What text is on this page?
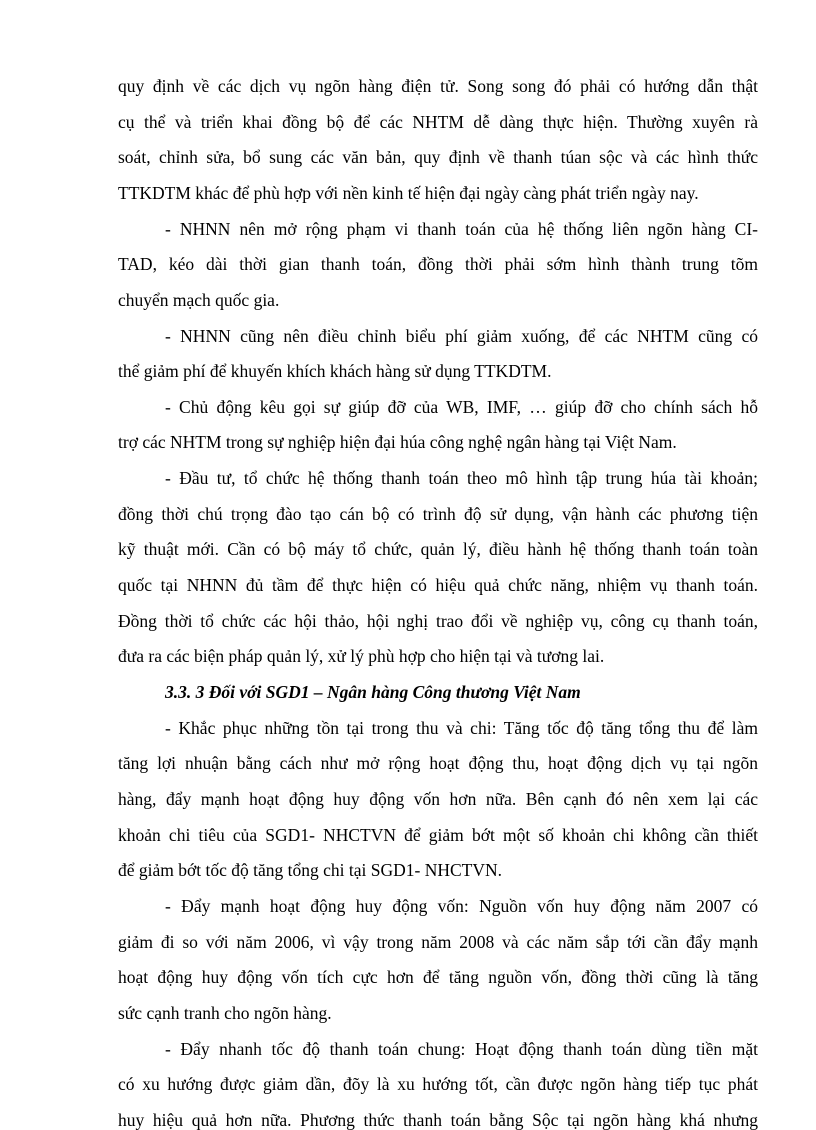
quy định về các dịch vụ ngõn hàng điện tử. Song song đó phải có hướng dẫn thật
cụ thể và triển khai đồng bộ để các NHTM dễ dàng thực hiện. Thường xuyên rà
soát, chỉnh sửa, bổ sung các văn bản, quy định về thanh túan sộc và các hình thức
TTKDTM khác để phù hợp với nền kinh tế hiện đại ngày càng phát triển ngày nay.
- NHNN nên mở rộng phạm vi thanh toán của hệ thống liên ngõn hàng CI-
TAD, kéo dài thời gian thanh toán, đồng thời phải sớm hình thành trung tõm
chuyển mạch quốc gia.
- NHNN cũng nên điều chỉnh biểu phí giảm xuống, để các NHTM cũng có
thể giảm phí để khuyến khích khách hàng sử dụng TTKDTM.
- Chủ động kêu gọi sự giúp đỡ của WB, IMF, … giúp đỡ cho chính sách hỗ
trợ các NHTM trong sự nghiệp hiện đại húa công nghệ ngân hàng tại Việt Nam.
- Đầu tư, tổ chức hệ thống thanh toán theo mô hình tập trung húa tài khoản;
đồng thời chú trọng đào tạo cán bộ có trình độ sử dụng, vận hành các phương tiện
kỹ thuật mới. Cần có bộ máy tổ chức, quản lý, điều hành hệ thống thanh toán toàn
quốc tại NHNN đủ tầm để thực hiện có hiệu quả chức năng, nhiệm vụ thanh toán.
Đồng thời tổ chức các hội thảo, hội nghị trao đổi về nghiệp vụ, công cụ thanh toán,
đưa ra các biện pháp quản lý, xử lý phù hợp cho hiện tại và tương lai.
3.3. 3 Đối với SGD1 – Ngân hàng Công thương Việt Nam
- Khắc phục những tồn tại trong thu và chi: Tăng tốc độ tăng tổng thu để làm
tăng lợi nhuận bằng cách như mở rộng hoạt động thu, hoạt động dịch vụ tại ngõn
hàng, đẩy mạnh hoạt động huy động vốn hơn nữa. Bên cạnh đó nên xem lại các
khoản chi tiêu của SGD1- NHCTVN để giảm bớt một số khoản chi không cần thiết
để giảm bớt tốc độ tăng tổng chi tại SGD1- NHCTVN.
- Đẩy mạnh hoạt động huy động vốn: Nguồn vốn huy động năm 2007 có
giảm đi so với năm 2006, vì vậy trong năm 2008 và các năm sắp tới cần đẩy mạnh
hoạt động huy động vốn tích cực hơn để tăng nguồn vốn, đồng thời cũng là tăng
sức cạnh tranh cho ngõn hàng.
- Đẩy nhanh tốc độ thanh toán chung: Hoạt động thanh toán dùng tiền mặt
có xu hướng được giảm dần, đõy là xu hướng tốt, cần được ngõn hàng tiếp tục phát
huy hiệu quả hơn nữa. Phương thức thanh toán bằng Sộc tại ngõn hàng khá nhưng
